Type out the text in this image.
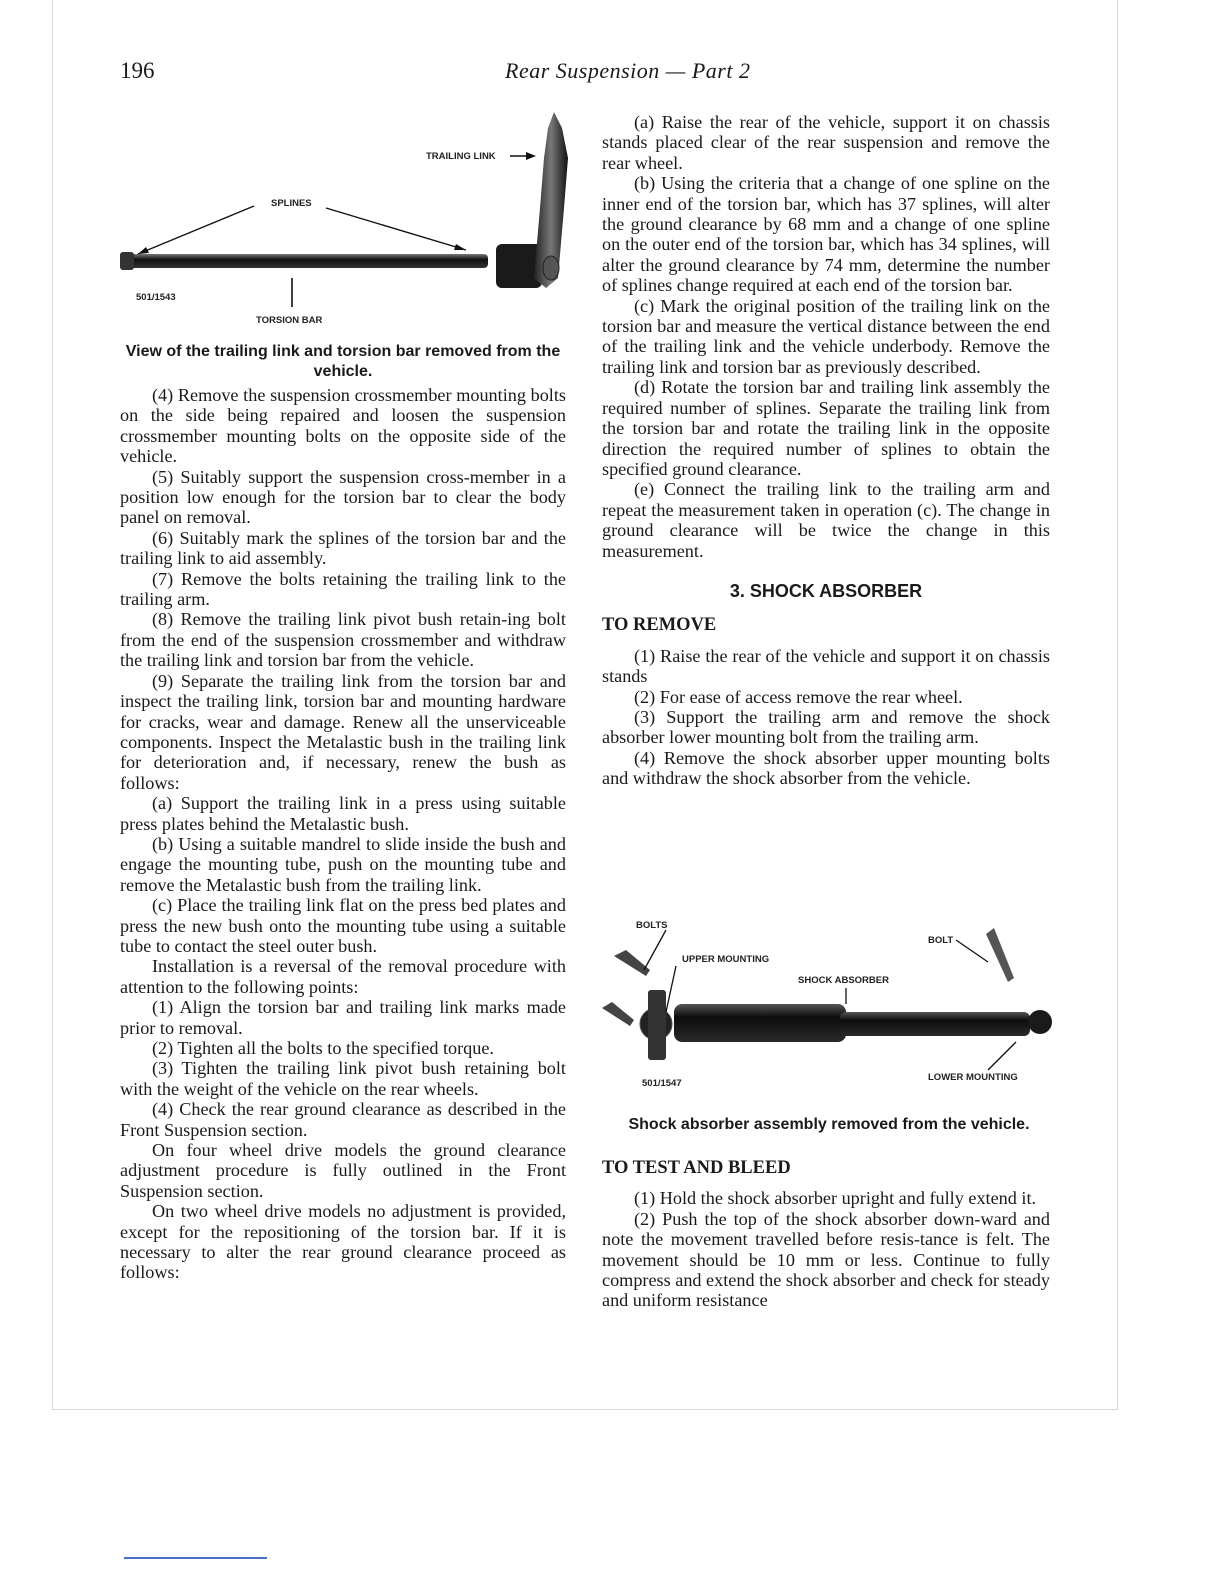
196	Rear Suspension — Part 2
TRAILING LINK
SPLINES
TORSION BAR
501/1543
View of the trailing link and torsion bar removed from the vehicle.

(4) Remove the suspension crossmember mounting bolts on the side being repaired and loosen the suspension crossmember mounting bolts on the opposite side of the vehicle.

(5) Suitably support the suspension cross-member in a position low enough for the torsion bar to clear the body panel on removal.

(6) Suitably mark the splines of the torsion bar and the trailing link to aid assembly.

(7) Remove the bolts retaining the trailing link to the trailing arm.

(8) Remove the trailing link pivot bush retain-ing bolt from the end of the suspension crossmember and withdraw the trailing link and torsion bar from the vehicle.

(9) Separate the trailing link from the torsion bar and inspect the trailing link, torsion bar and mounting hardware for cracks, wear and damage. Renew all the unserviceable components. Inspect the Metalastic bush in the trailing link for deterioration and, if necessary, renew the bush as follows:

(a) Support the trailing link in a press using suitable press plates behind the Metalastic bush.

(b) Using a suitable mandrel to slide inside the bush and engage the mounting tube, push on the mounting tube and remove the Metalastic bush from the trailing link.

(c) Place the trailing link flat on the press bed plates and press the new bush onto the mounting tube using a suitable tube to contact the steel outer bush.

Installation is a reversal of the removal procedure with attention to the following points:

(1) Align the torsion bar and trailing link marks made prior to removal.

(2) Tighten all the bolts to the specified torque.

(3) Tighten the trailing link pivot bush retaining bolt with the weight of the vehicle on the rear wheels.

(4) Check the rear ground clearance as described in the Front Suspension section.

On four wheel drive models the ground clearance adjustment procedure is fully outlined in the Front Suspension section.

On two wheel drive models no adjustment is provided, except for the repositioning of the torsion bar. If it is necessary to alter the rear ground clearance proceed as follows:

(a) Raise the rear of the vehicle, support it on chassis stands placed clear of the rear suspension and remove the rear wheel.

(b) Using the criteria that a change of one spline on the inner end of the torsion bar, which has 37 splines, will alter the ground clearance by 68 mm and a change of one spline on the outer end of the torsion bar, which has 34 splines, will alter the ground clearance by 74 mm, determine the number of splines change required at each end of the torsion bar.

(c) Mark the original position of the trailing link on the torsion bar and measure the vertical distance between the end of the trailing link and the vehicle underbody. Remove the trailing link and torsion bar as previously described.

(d) Rotate the torsion bar and trailing link assembly the required number of splines. Separate the trailing link from the torsion bar and rotate the trailing link in the opposite direction the required number of splines to obtain the specified ground clearance.

(e) Connect the trailing link to the trailing arm and repeat the measurement taken in operation (c). The change in ground clearance will be twice the change in this measurement.

3. SHOCK ABSORBER
TO REMOVE

(1) Raise the rear of the vehicle and support it on chassis stands

(2) For ease of access remove the rear wheel.

(3) Support the trailing arm and remove the shock absorber lower mounting bolt from the trailing arm.

(4) Remove the shock absorber upper mounting bolts and withdraw the shock absorber from the vehicle.

BOLTS
UPPER MOUNTING
SHOCK ABSORBER
BOLT
LOWER MOUNTING
501/1547
Shock absorber assembly removed from the vehicle.
TO TEST AND BLEED

(1) Hold the shock absorber upright and fully extend it.

(2) Push the top of the shock absorber down-ward and note the movement travelled before resis-tance is felt. The movement should be 10 mm or less. Continue to fully compress and extend the shock absorber and check for steady and uniform resistance
